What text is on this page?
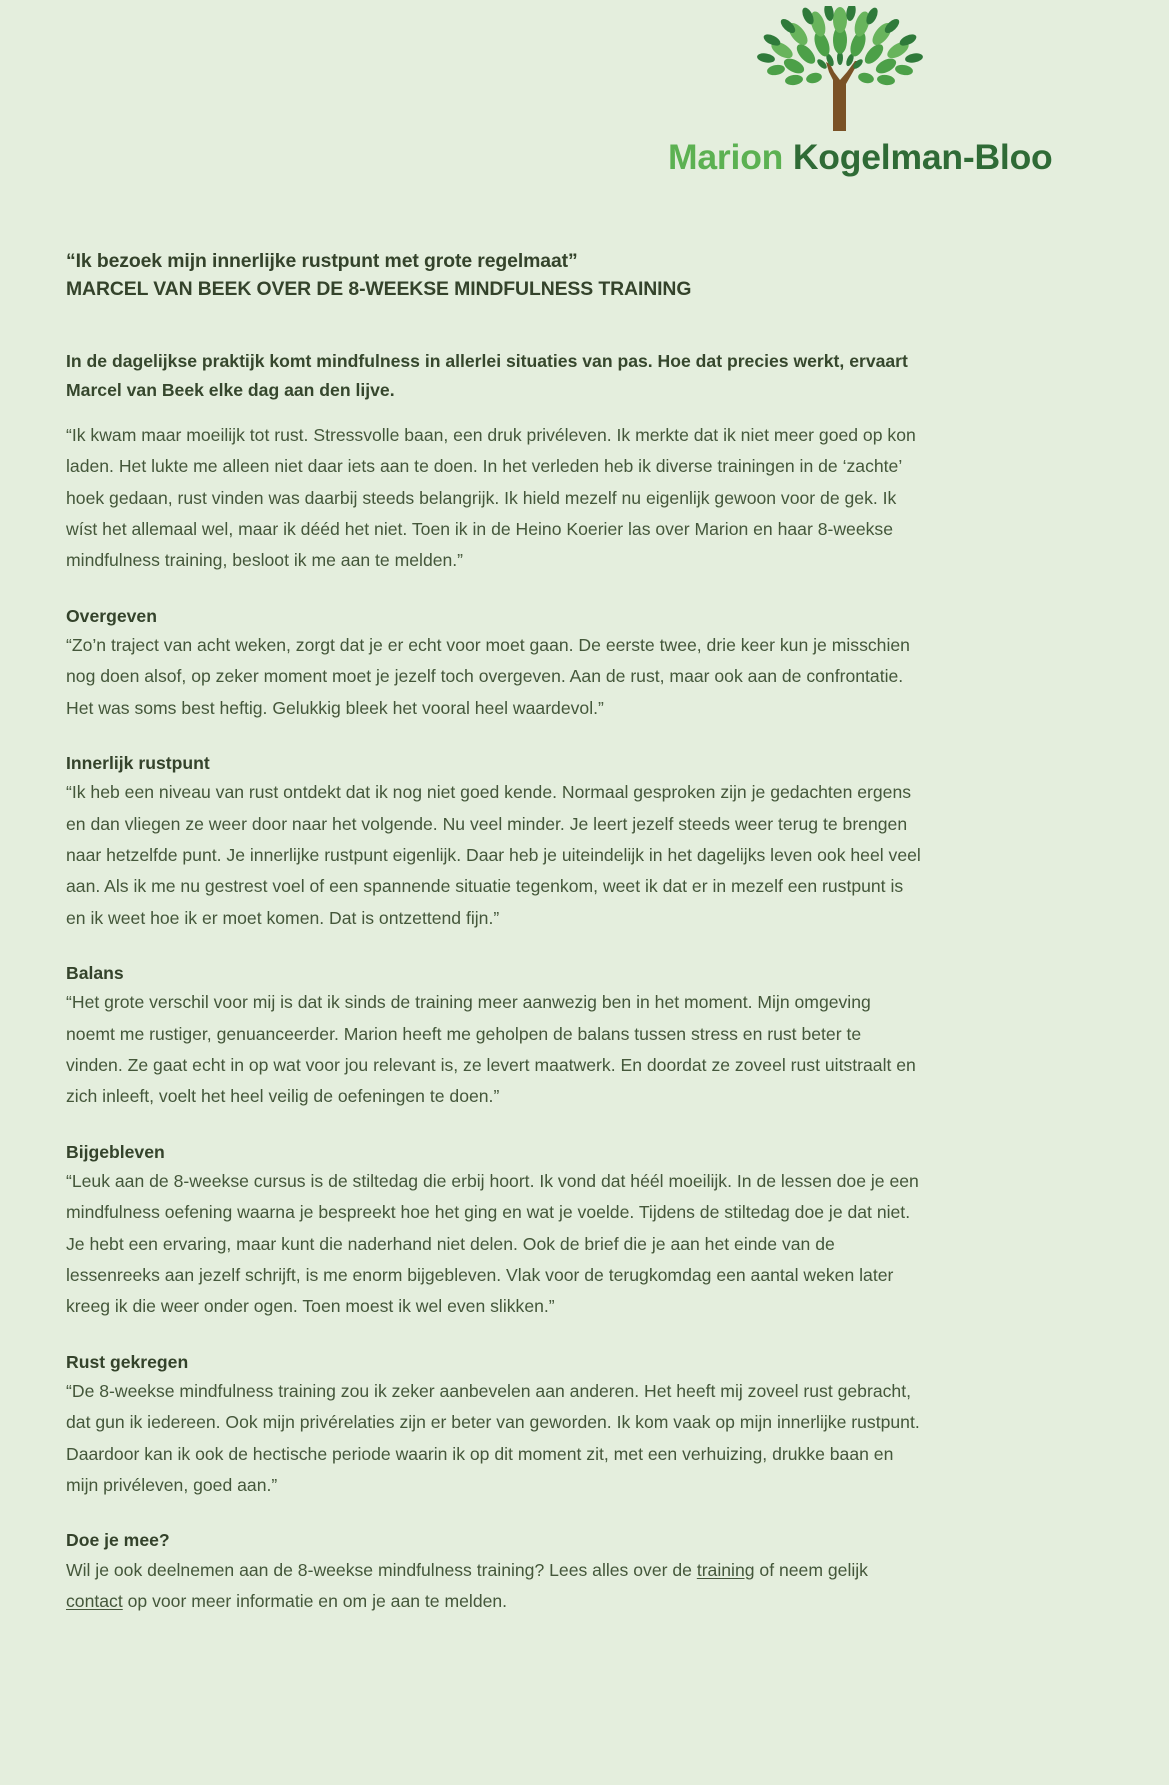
Marion Kogelman-Bloo
“Ik bezoek mijn innerlijke rustpunt met grote regelmaat”
MARCEL VAN BEEK OVER DE 8-WEEKSE MINDFULNESS TRAINING

In de dagelijkse praktijk komt mindfulness in allerlei situaties van pas. Hoe dat precies werkt, ervaart Marcel van Beek elke dag aan den lijve.

“Ik kwam maar moeilijk tot rust. Stressvolle baan, een druk privéleven. Ik merkte dat ik niet meer goed op kon laden. Het lukte me alleen niet daar iets aan te doen. In het verleden heb ik diverse trainingen in de ‘zachte’ hoek gedaan, rust vinden was daarbij steeds belangrijk. Ik hield mezelf nu eigenlijk gewoon voor de gek. Ik wíst het allemaal wel, maar ik dééd het niet. Toen ik in de Heino Koerier las over Marion en haar 8-weekse mindfulness training, besloot ik me aan te melden.”

Overgeven

“Zo’n traject van acht weken, zorgt dat je er echt voor moet gaan. De eerste twee, drie keer kun je misschien nog doen alsof, op zeker moment moet je jezelf toch overgeven. Aan de rust, maar ook aan de confrontatie. Het was soms best heftig. Gelukkig bleek het vooral heel waardevol.”

Innerlijk rustpunt

“Ik heb een niveau van rust ontdekt dat ik nog niet goed kende. Normaal gesproken zijn je gedachten ergens en dan vliegen ze weer door naar het volgende. Nu veel minder. Je leert jezelf steeds weer terug te brengen naar hetzelfde punt. Je innerlijke rustpunt eigenlijk. Daar heb je uiteindelijk in het dagelijks leven ook heel veel aan. Als ik me nu gestrest voel of een spannende situatie tegenkom, weet ik dat er in mezelf een rustpunt is en ik weet hoe ik er moet komen. Dat is ontzettend fijn.”

Balans

“Het grote verschil voor mij is dat ik sinds de training meer aanwezig ben in het moment. Mijn omgeving noemt me rustiger, genuanceerder. Marion heeft me geholpen de balans tussen stress en rust beter te vinden. Ze gaat echt in op wat voor jou relevant is, ze levert maatwerk. En doordat ze zoveel rust uitstraalt en zich inleeft, voelt het heel veilig de oefeningen te doen.”

Bijgebleven

“Leuk aan de 8-weekse cursus is de stiltedag die erbij hoort. Ik vond dat héél moeilijk. In de lessen doe je een mindfulness oefening waarna je bespreekt hoe het ging en wat je voelde. Tijdens de stiltedag doe je dat niet. Je hebt een ervaring, maar kunt die naderhand niet delen. Ook de brief die je aan het einde van de lessenreeks aan jezelf schrijft, is me enorm bijgebleven. Vlak voor de terugkomdag een aantal weken later kreeg ik die weer onder ogen. Toen moest ik wel even slikken.”

Rust gekregen

“De 8-weekse mindfulness training zou ik zeker aanbevelen aan anderen. Het heeft mij zoveel rust gebracht, dat gun ik iedereen. Ook mijn privérelaties zijn er beter van geworden. Ik kom vaak op mijn innerlijke rustpunt. Daardoor kan ik ook de hectische periode waarin ik op dit moment zit, met een verhuizing, drukke baan en mijn privéleven, goed aan.”

Doe je mee?

Wil je ook deelnemen aan de 8-weekse mindfulness training? Lees alles over de training of neem gelijk contact op voor meer informatie en om je aan te melden.
